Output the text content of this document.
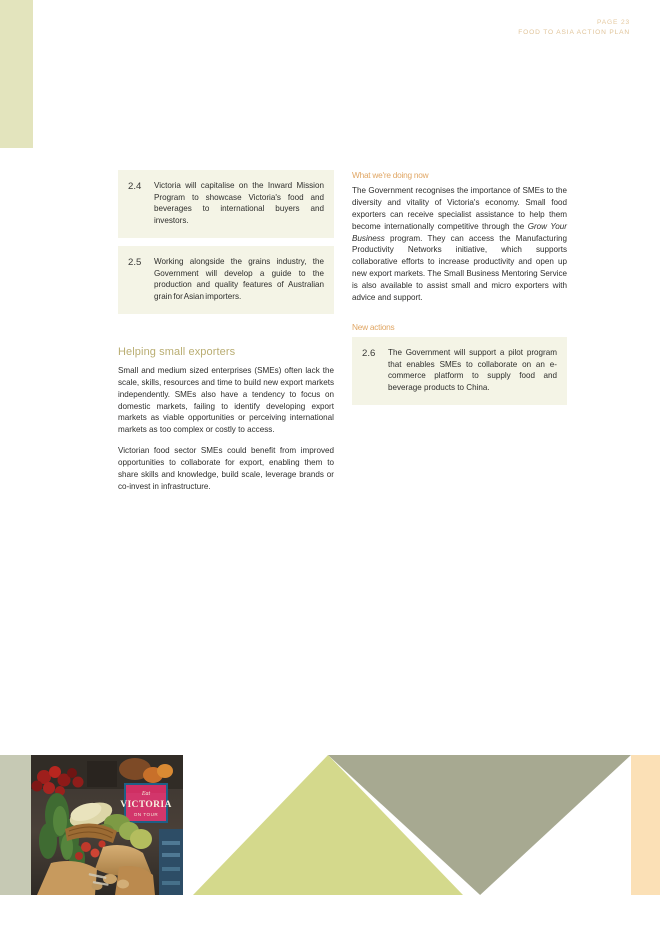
PAGE 23
FOOD TO ASIA ACTION PLAN
2.4	Victoria will capitalise on the Inward Mission Program to showcase Victoria's food and beverages to international buyers and investors.
2.5	Working alongside the grains industry, the Government will develop a guide to the production and quality features of Australian grain for Asian importers.
Helping small exporters

Small and medium sized enterprises (SMEs) often lack the scale, skills, resources and time to build new export markets independently. SMEs also have a tendency to focus on domestic markets, failing to identify developing export markets as viable opportunities or perceiving international markets as too complex or costly to access.

Victorian food sector SMEs could benefit from improved opportunities to collaborate for export, enabling them to share skills and knowledge, build scale, leverage brands or co-invest in infrastructure.

What we're doing now

The Government recognises the importance of SMEs to the diversity and vitality of Victoria's economy. Small food exporters can receive specialist assistance to help them become internationally competitive through the Grow Your Business program. They can access the Manufacturing Productivity Networks initiative, which supports collaborative efforts to increase productivity and open up new export markets. The Small Business Mentoring Service is also available to assist small and micro exporters with advice and support.

New actions
2.6	The Government will support a pilot program that enables SMEs to collaborate on an e-commerce platform to supply food and beverage products to China.
Eat
VICTORIA
ON TOUR
